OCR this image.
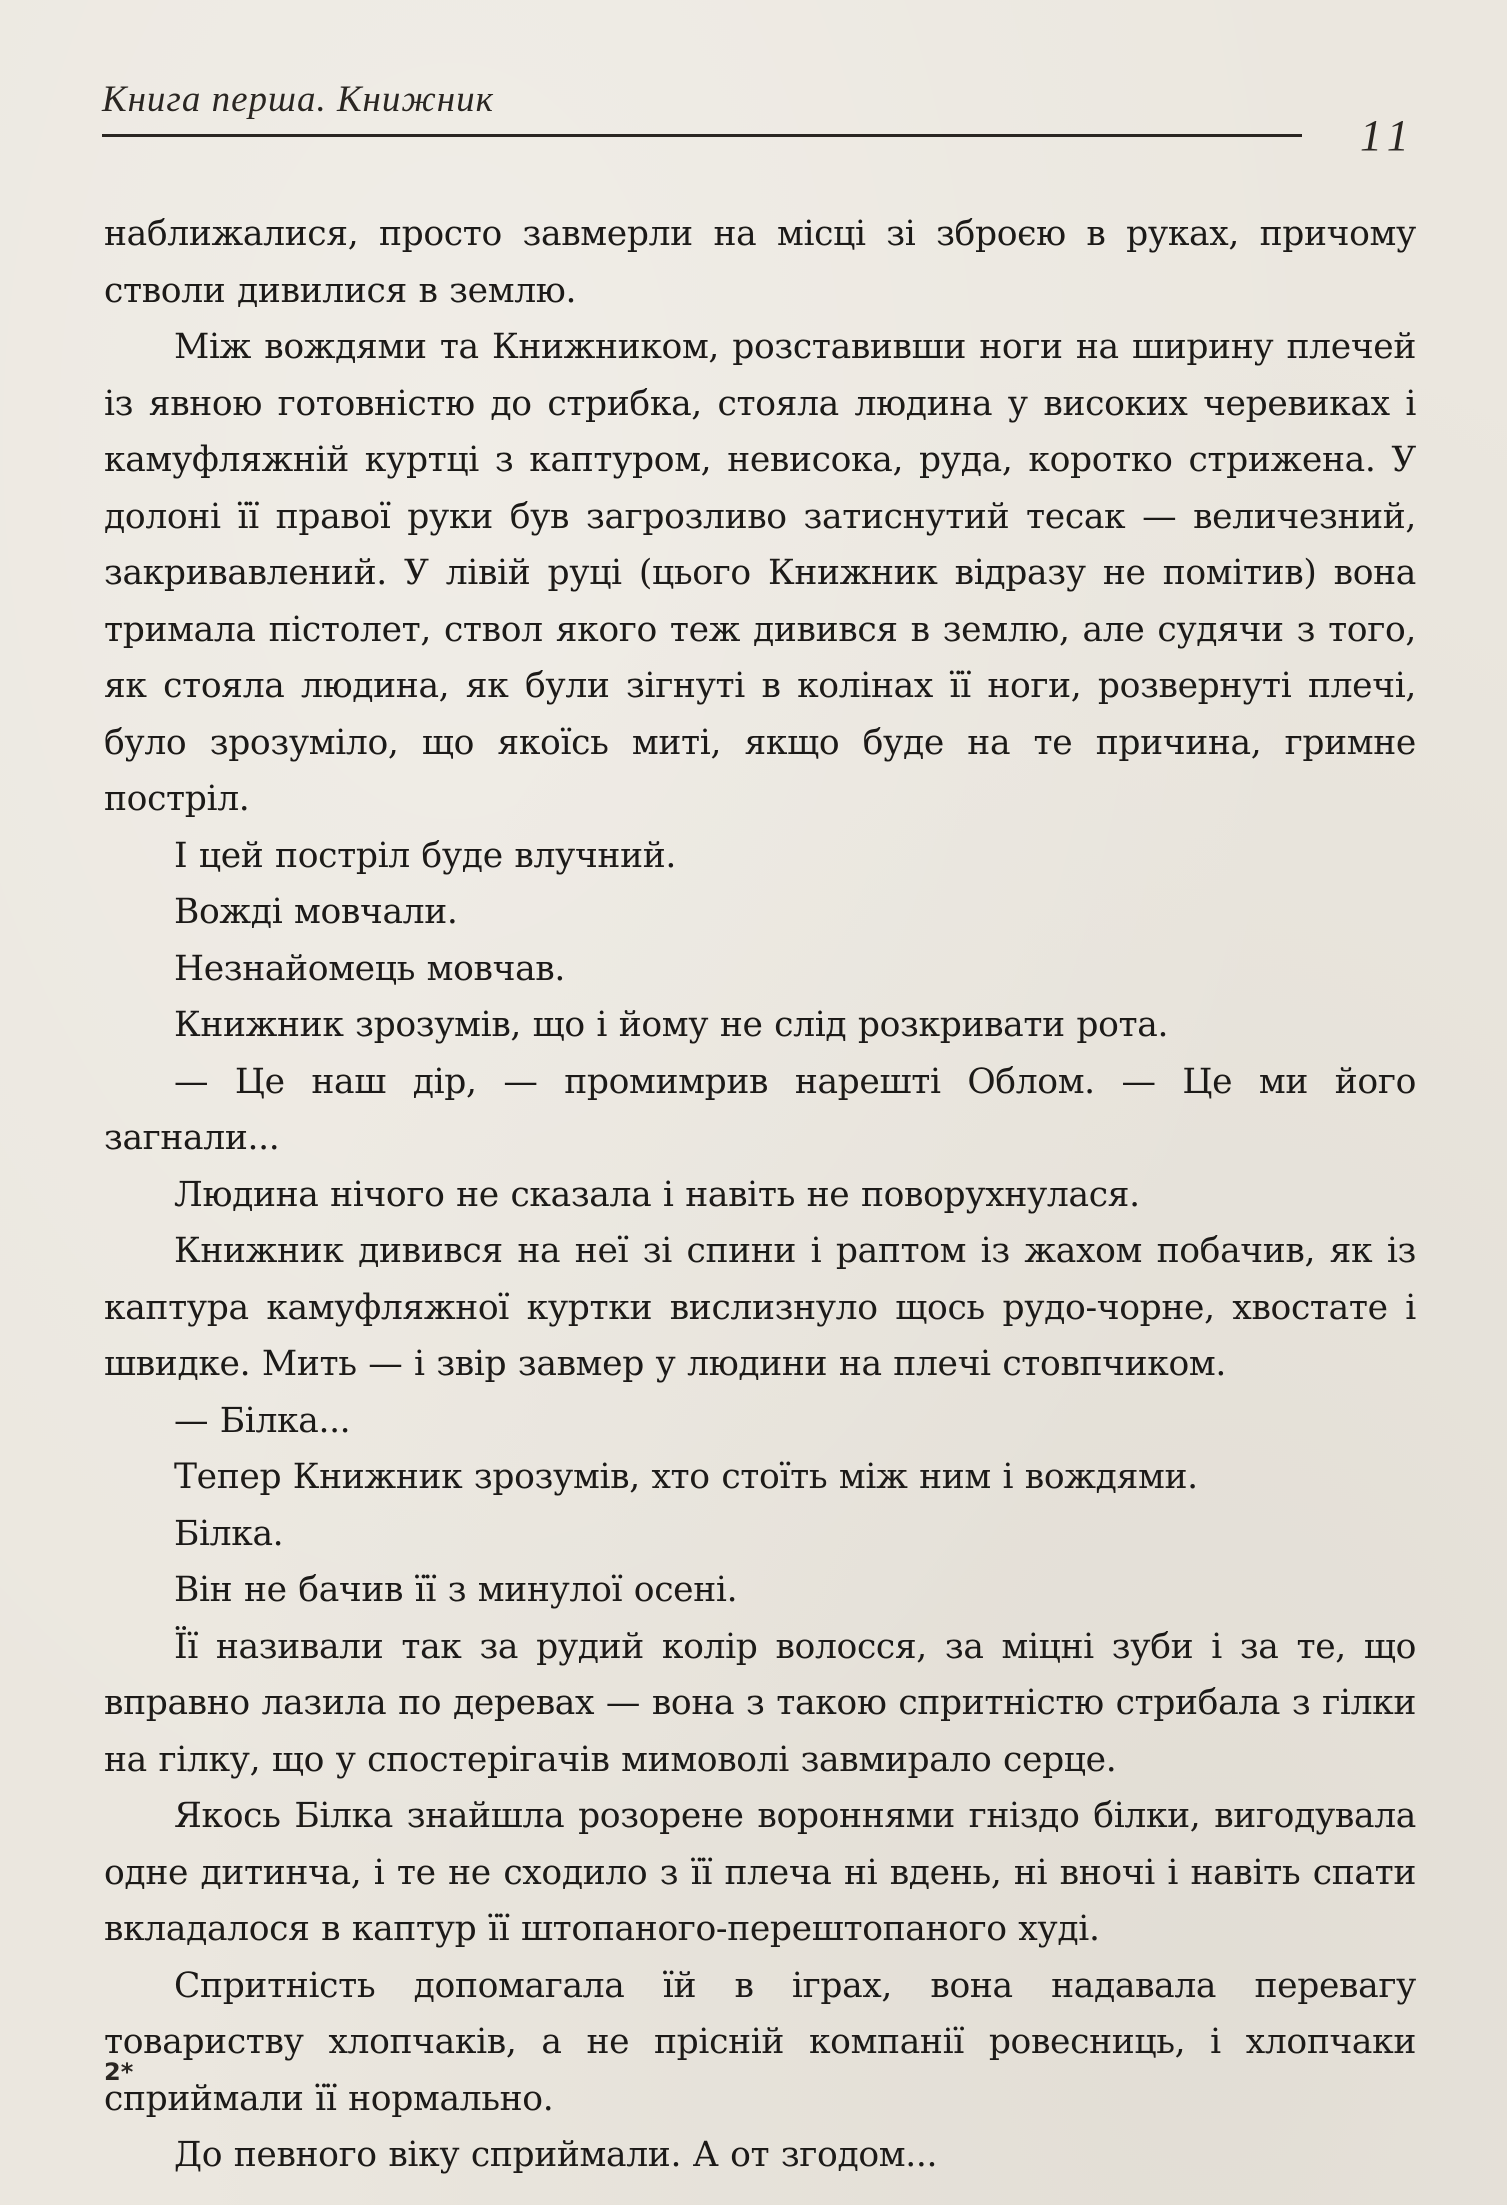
Книга перша. Книжник
11

наближалися, просто завмерли на місці зі зброєю в руках, причому стволи дивилися в землю.

Між вождями та Книжником, розставивши ноги на ширину плечей із явною готовністю до стрибка, стояла людина у високих черевиках і камуфляжній куртці з каптуром, невисока, руда, коротко стрижена. У долоні її правої руки був загрозливо затиснутий тесак — величезний, закривавлений. У лівій руці (цього Книжник відразу не помітив) вона тримала пістолет, ствол якого теж дивився в землю, але судячи з того, як стояла людина, як були зігнуті в колінах її ноги, розвернуті плечі, було зрозуміло, що якоїсь миті, якщо буде на те причина, гримне постріл.

І цей постріл буде влучний.

Вожді мовчали.

Незнайомець мовчав.

Книжник зрозумів, що і йому не слід розкривати рота.

— Це наш дір, — промимрив нарешті Облом. — Це ми його загнали...

Людина нічого не сказала і навіть не поворухнулася.

Книжник дивився на неї зі спини і раптом із жахом побачив, як із каптура камуфляжної куртки вислизнуло щось рудо-чорне, хвостате і швидке. Мить — і звір завмер у людини на плечі стовпчиком.

— Білка...

Тепер Книжник зрозумів, хто стоїть між ним і вождями.

Білка.

Він не бачив її з минулої осені.

Її називали так за рудий колір волосся, за міцні зуби і за те, що вправно лазила по деревах — вона з такою спритністю стрибала з гілки на гілку, що у спостерігачів мимоволі завмирало серце.

Якось Білка знайшла розорене вороннями гніздо білки, вигодувала одне дитинча, і те не сходило з її плеча ні вдень, ні вночі і навіть спати вкладалося в каптур її штопаного-перештопаного худі.

Спритність допомагала їй в іграх, вона надавала перевагу товариству хлопчаків, а не прісній компанії ровесниць, і хлопчаки сприймали її нормально.

До певного віку сприймали. А от згодом...

2*
